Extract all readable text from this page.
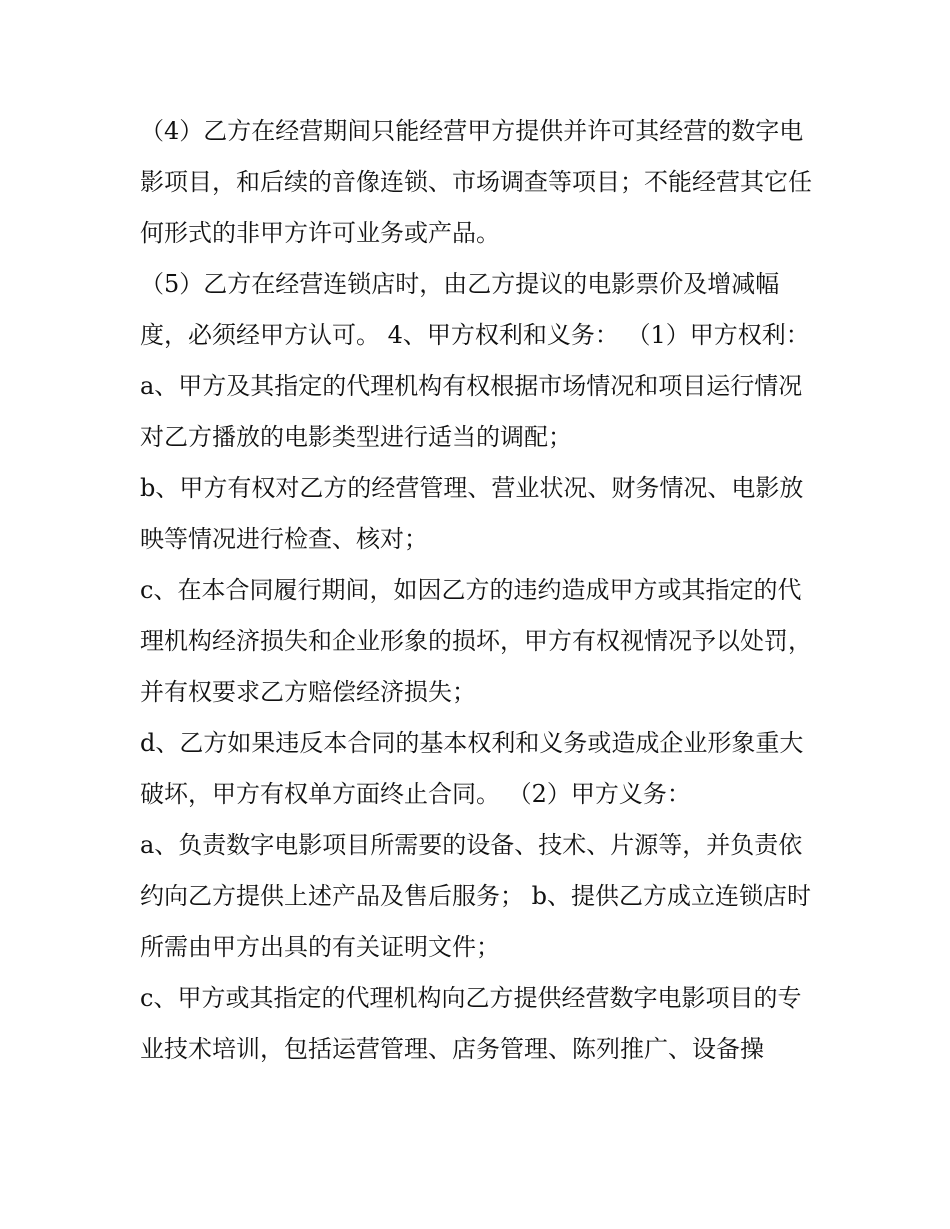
（4）乙方在经营期间只能经营甲方提供并许可其经营的数字电影项目，和后续的音像连锁、市场调查等项目；不能经营其它任何形式的非甲方许可业务或产品。

（5）乙方在经营连锁店时，由乙方提议的电影票价及增减幅度，必须经甲方认可。 4、甲方权利和义务： （1）甲方权利：

a、甲方及其指定的代理机构有权根据市场情况和项目运行情况对乙方播放的电影类型进行适当的调配；

b、甲方有权对乙方的经营管理、营业状况、财务情况、电影放映等情况进行检查、核对；

c、在本合同履行期间，如因乙方的违约造成甲方或其指定的代理机构经济损失和企业形象的损坏，甲方有权视情况予以处罚，并有权要求乙方赔偿经济损失；

d、乙方如果违反本合同的基本权利和义务或造成企业形象重大破坏，甲方有权单方面终止合同。 （2）甲方义务：

a、负责数字电影项目所需要的设备、技术、片源等，并负责依约向乙方提供上述产品及售后服务； b、提供乙方成立连锁店时所需由甲方出具的有关证明文件；

c、甲方或其指定的代理机构向乙方提供经营数字电影项目的专业技术培训，包括运营管理、店务管理、陈列推广、设备操
